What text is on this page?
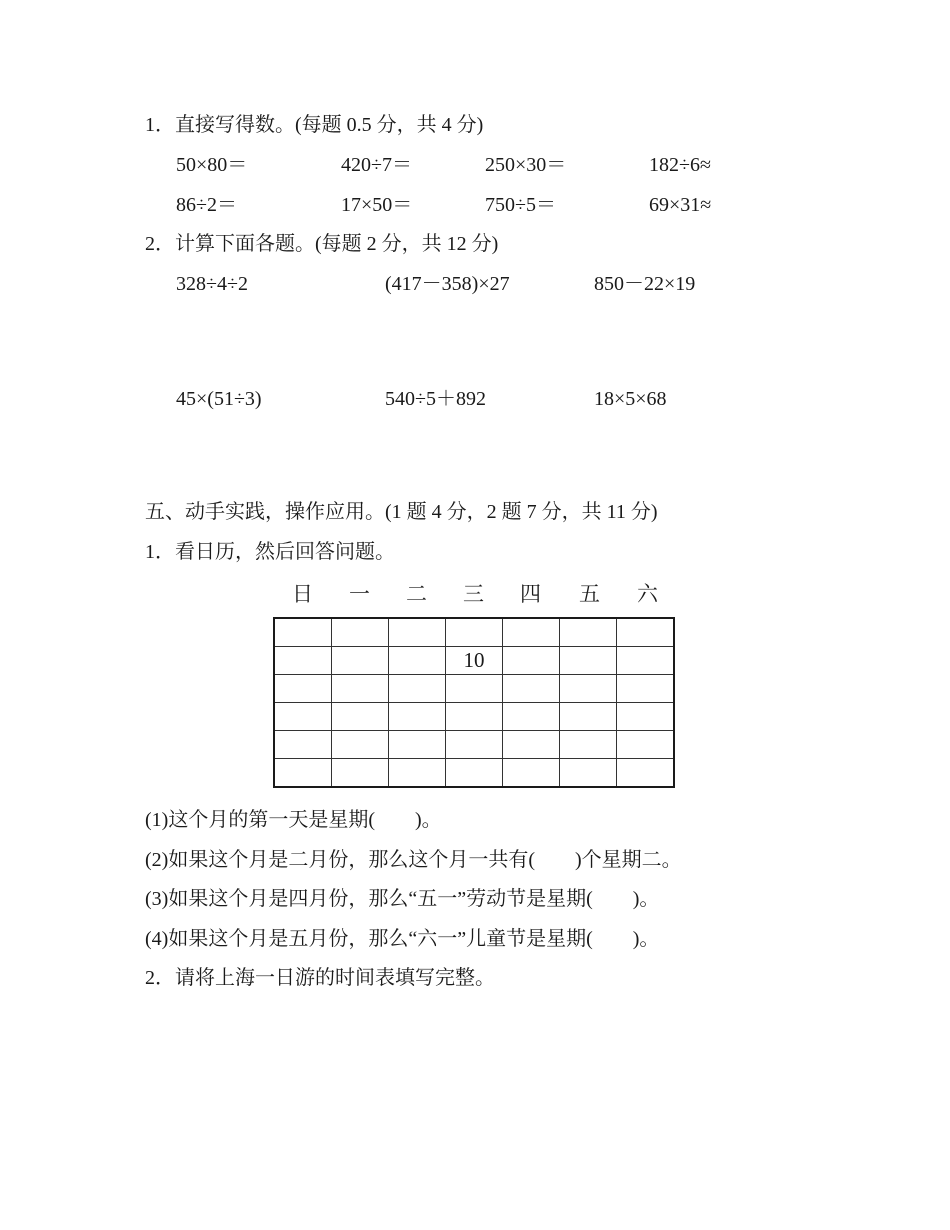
1．直接写得数。(每题 0.5 分，共 4 分)
50×80＝	420÷7＝	250×30＝	182÷6≈
86÷2＝	17×50＝	750÷5＝	69×31≈
2．计算下面各题。(每题 2 分，共 12 分)
328÷4÷2	(417－358)×27	850－22×19
45×(51÷3)	540÷5＋892	18×5×68
五、动手实践，操作应用。(1 题 4 分，2 题 7 分，共 11 分)
1．看日历，然后回答问题。
日	一	二	三	四	五	六

			10			

(1)这个月的第一天是星期(　　)。
(2)如果这个月是二月份，那么这个月一共有(　　)个星期二。
(3)如果这个月是四月份，那么“五一”劳动节是星期(　　)。
(4)如果这个月是五月份，那么“六一”儿童节是星期(　　)。
2．请将上海一日游的时间表填写完整。
